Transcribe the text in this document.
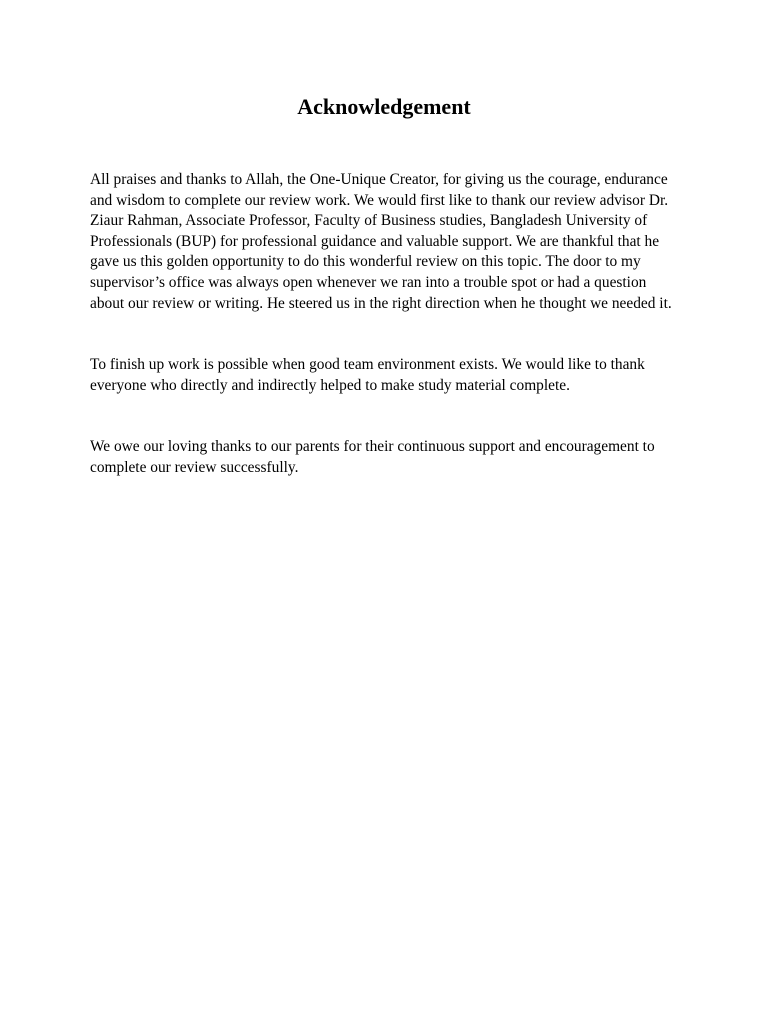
Acknowledgement

All praises and thanks to Allah, the One-Unique Creator, for giving us the courage, endurance and wisdom to complete our review work. We would first like to thank our review advisor Dr. Ziaur Rahman, Associate Professor, Faculty of Business studies, Bangladesh University of Professionals (BUP) for professional guidance and valuable support. We are thankful that he gave us this golden opportunity to do this wonderful review on this topic. The door to my supervisor’s office was always open whenever we ran into a trouble spot or had a question about our review or writing. He steered us in the right direction when he thought we needed it.

To finish up work is possible when good team environment exists. We would like to thank everyone who directly and indirectly helped to make study material complete.

We owe our loving thanks to our parents for their continuous support and encouragement to complete our review successfully.
